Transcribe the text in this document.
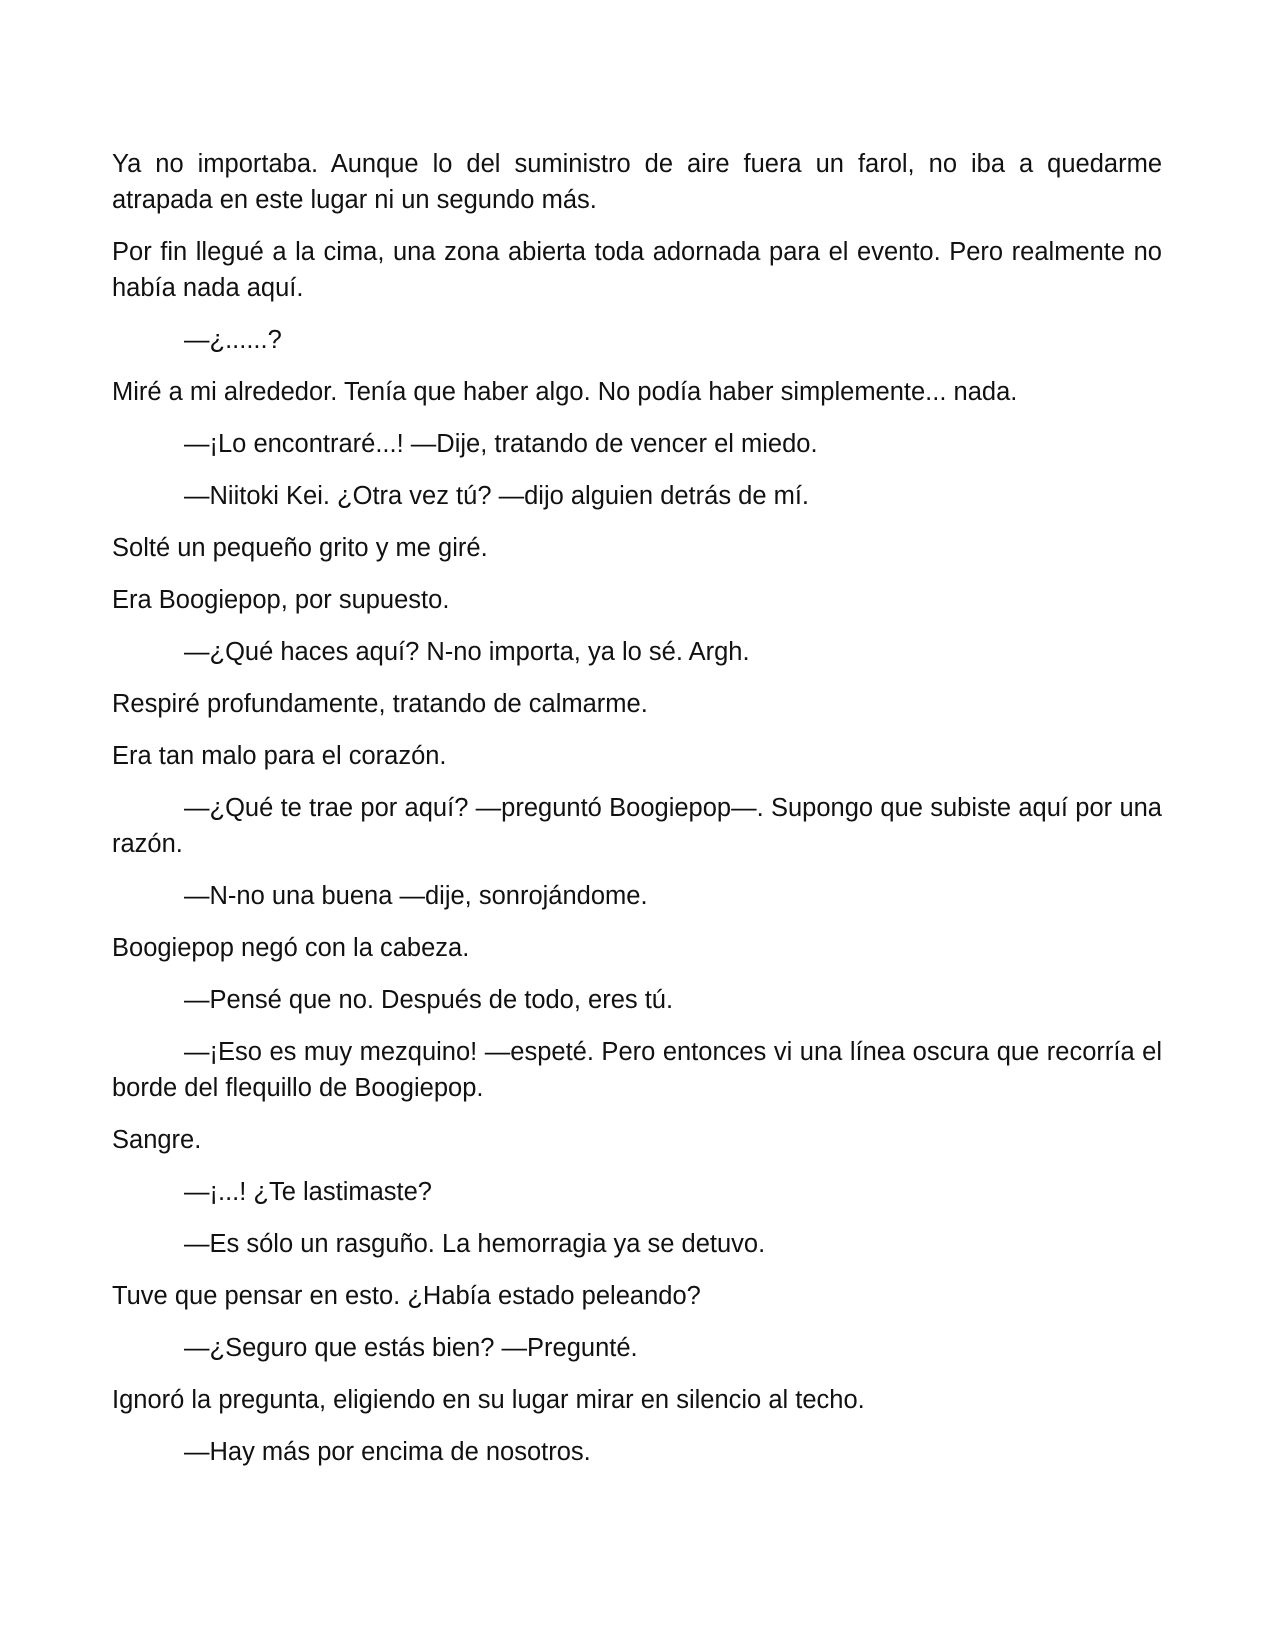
Ya no importaba. Aunque lo del suministro de aire fuera un farol, no iba a quedarme atrapada en este lugar ni un segundo más.

Por fin llegué a la cima, una zona abierta toda adornada para el evento. Pero realmente no había nada aquí.

—¿......?

Miré a mi alrededor. Tenía que haber algo. No podía haber simplemente... nada.

—¡Lo encontraré...! —Dije, tratando de vencer el miedo.

—Niitoki Kei. ¿Otra vez tú? —dijo alguien detrás de mí.

Solté un pequeño grito y me giré.

Era Boogiepop, por supuesto.

—¿Qué haces aquí? N-no importa, ya lo sé. Argh.

Respiré profundamente, tratando de calmarme.

Era tan malo para el corazón.

—¿Qué te trae por aquí? —preguntó Boogiepop—. Supongo que subiste aquí por una razón.

—N-no una buena —dije, sonrojándome.

Boogiepop negó con la cabeza.

—Pensé que no. Después de todo, eres tú.

—¡Eso es muy mezquino! —espeté. Pero entonces vi una línea oscura que recorría el borde del flequillo de Boogiepop.

Sangre.

—¡...! ¿Te lastimaste?

—Es sólo un rasguño. La hemorragia ya se detuvo.

Tuve que pensar en esto. ¿Había estado peleando?

—¿Seguro que estás bien? —Pregunté.

Ignoró la pregunta, eligiendo en su lugar mirar en silencio al techo.

—Hay más por encima de nosotros.
